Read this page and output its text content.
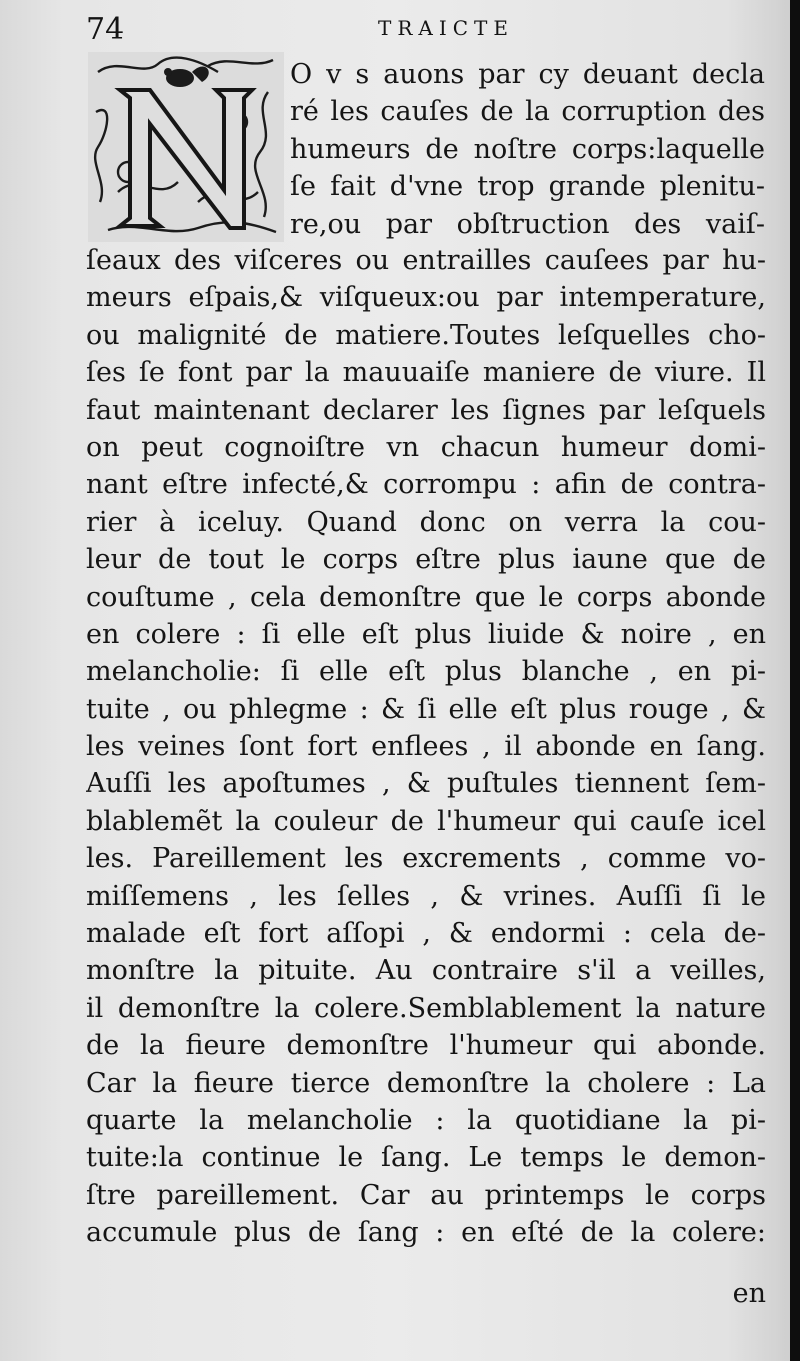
74	TRAICTE
O v s auons par cy deuant decla
ré les cauſes de la corruption des
humeurs de noſtre corps:laquelle
ſe fait d'vne trop grande plenitu-
re,ou par obſtruction des vaiſ-
ſeaux des viſceres ou entrailles cauſees par hu-
meurs eſpais,& viſqueux:ou par intemperature,
ou malignité de matiere.Toutes leſquelles cho-
ſes ſe font par la mauuaiſe maniere de viure. Il
faut maintenant declarer les ſignes par leſquels
on peut cognoiſtre vn chacun humeur domi-
nant eſtre infecté,& corrompu : afin de contra-
rier à iceluy. Quand donc on verra la cou-
leur de tout le corps eſtre plus iaune que de
couſtume , cela demonſtre que le corps abonde
en colere : ſi elle eſt plus liuide & noire , en
melancholie: ſi elle eſt plus blanche , en pi-
tuite , ou phlegme : & ſi elle eſt plus rouge , &
les veines ſont fort enflees , il abonde en ſang.
Auſſi les apoſtumes , & puſtules tiennent ſem-
blablemẽt la couleur de l'humeur qui cauſe icel
les. Pareillement les excrements , comme vo-
miſſemens , les ſelles , & vrines. Auſſi ſi le
malade eſt fort aſſopi , & endormi : cela de-
monſtre la pituite. Au contraire s'il a veilles,
il demonſtre la colere.Semblablement la nature
de la fieure demonſtre l'humeur qui abonde.
Car la fieure tierce demonſtre la cholere : La
quarte la melancholie : la quotidiane la pi-
tuite:la continue le ſang. Le temps le demon-
ſtre pareillement. Car au printemps le corps
accumule plus de ſang : en eſté de la colere:
en
